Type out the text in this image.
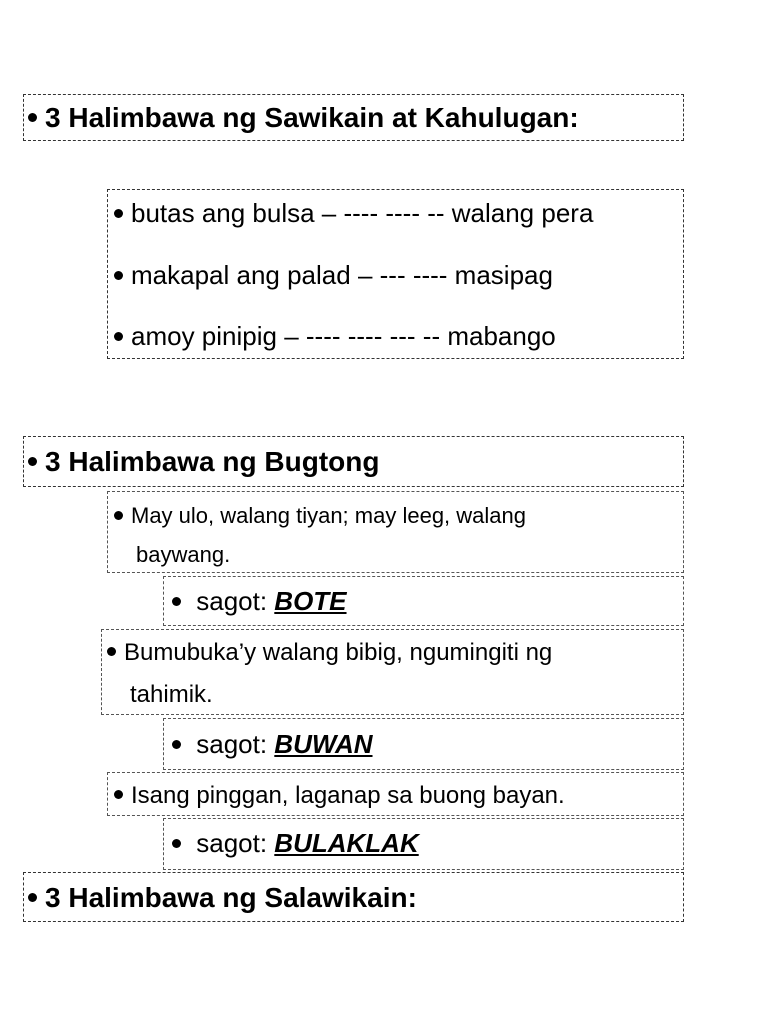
3 Halimbawa ng Sawikain at Kahulugan:
butas ang bulsa – ---- ---- -- walang pera
makapal ang palad – --- ---- masipag
amoy pinipig – ---- ---- --- -- mabango
3 Halimbawa ng Bugtong
May ulo, walang tiyan; may leeg, walang
baywang.
sagot: BOTE
Bumubuka’y walang bibig, ngumingiti ng
tahimik.
sagot: BUWAN
Isang pinggan, laganap sa buong bayan.
sagot: BULAKLAK
3 Halimbawa ng Salawikain:
